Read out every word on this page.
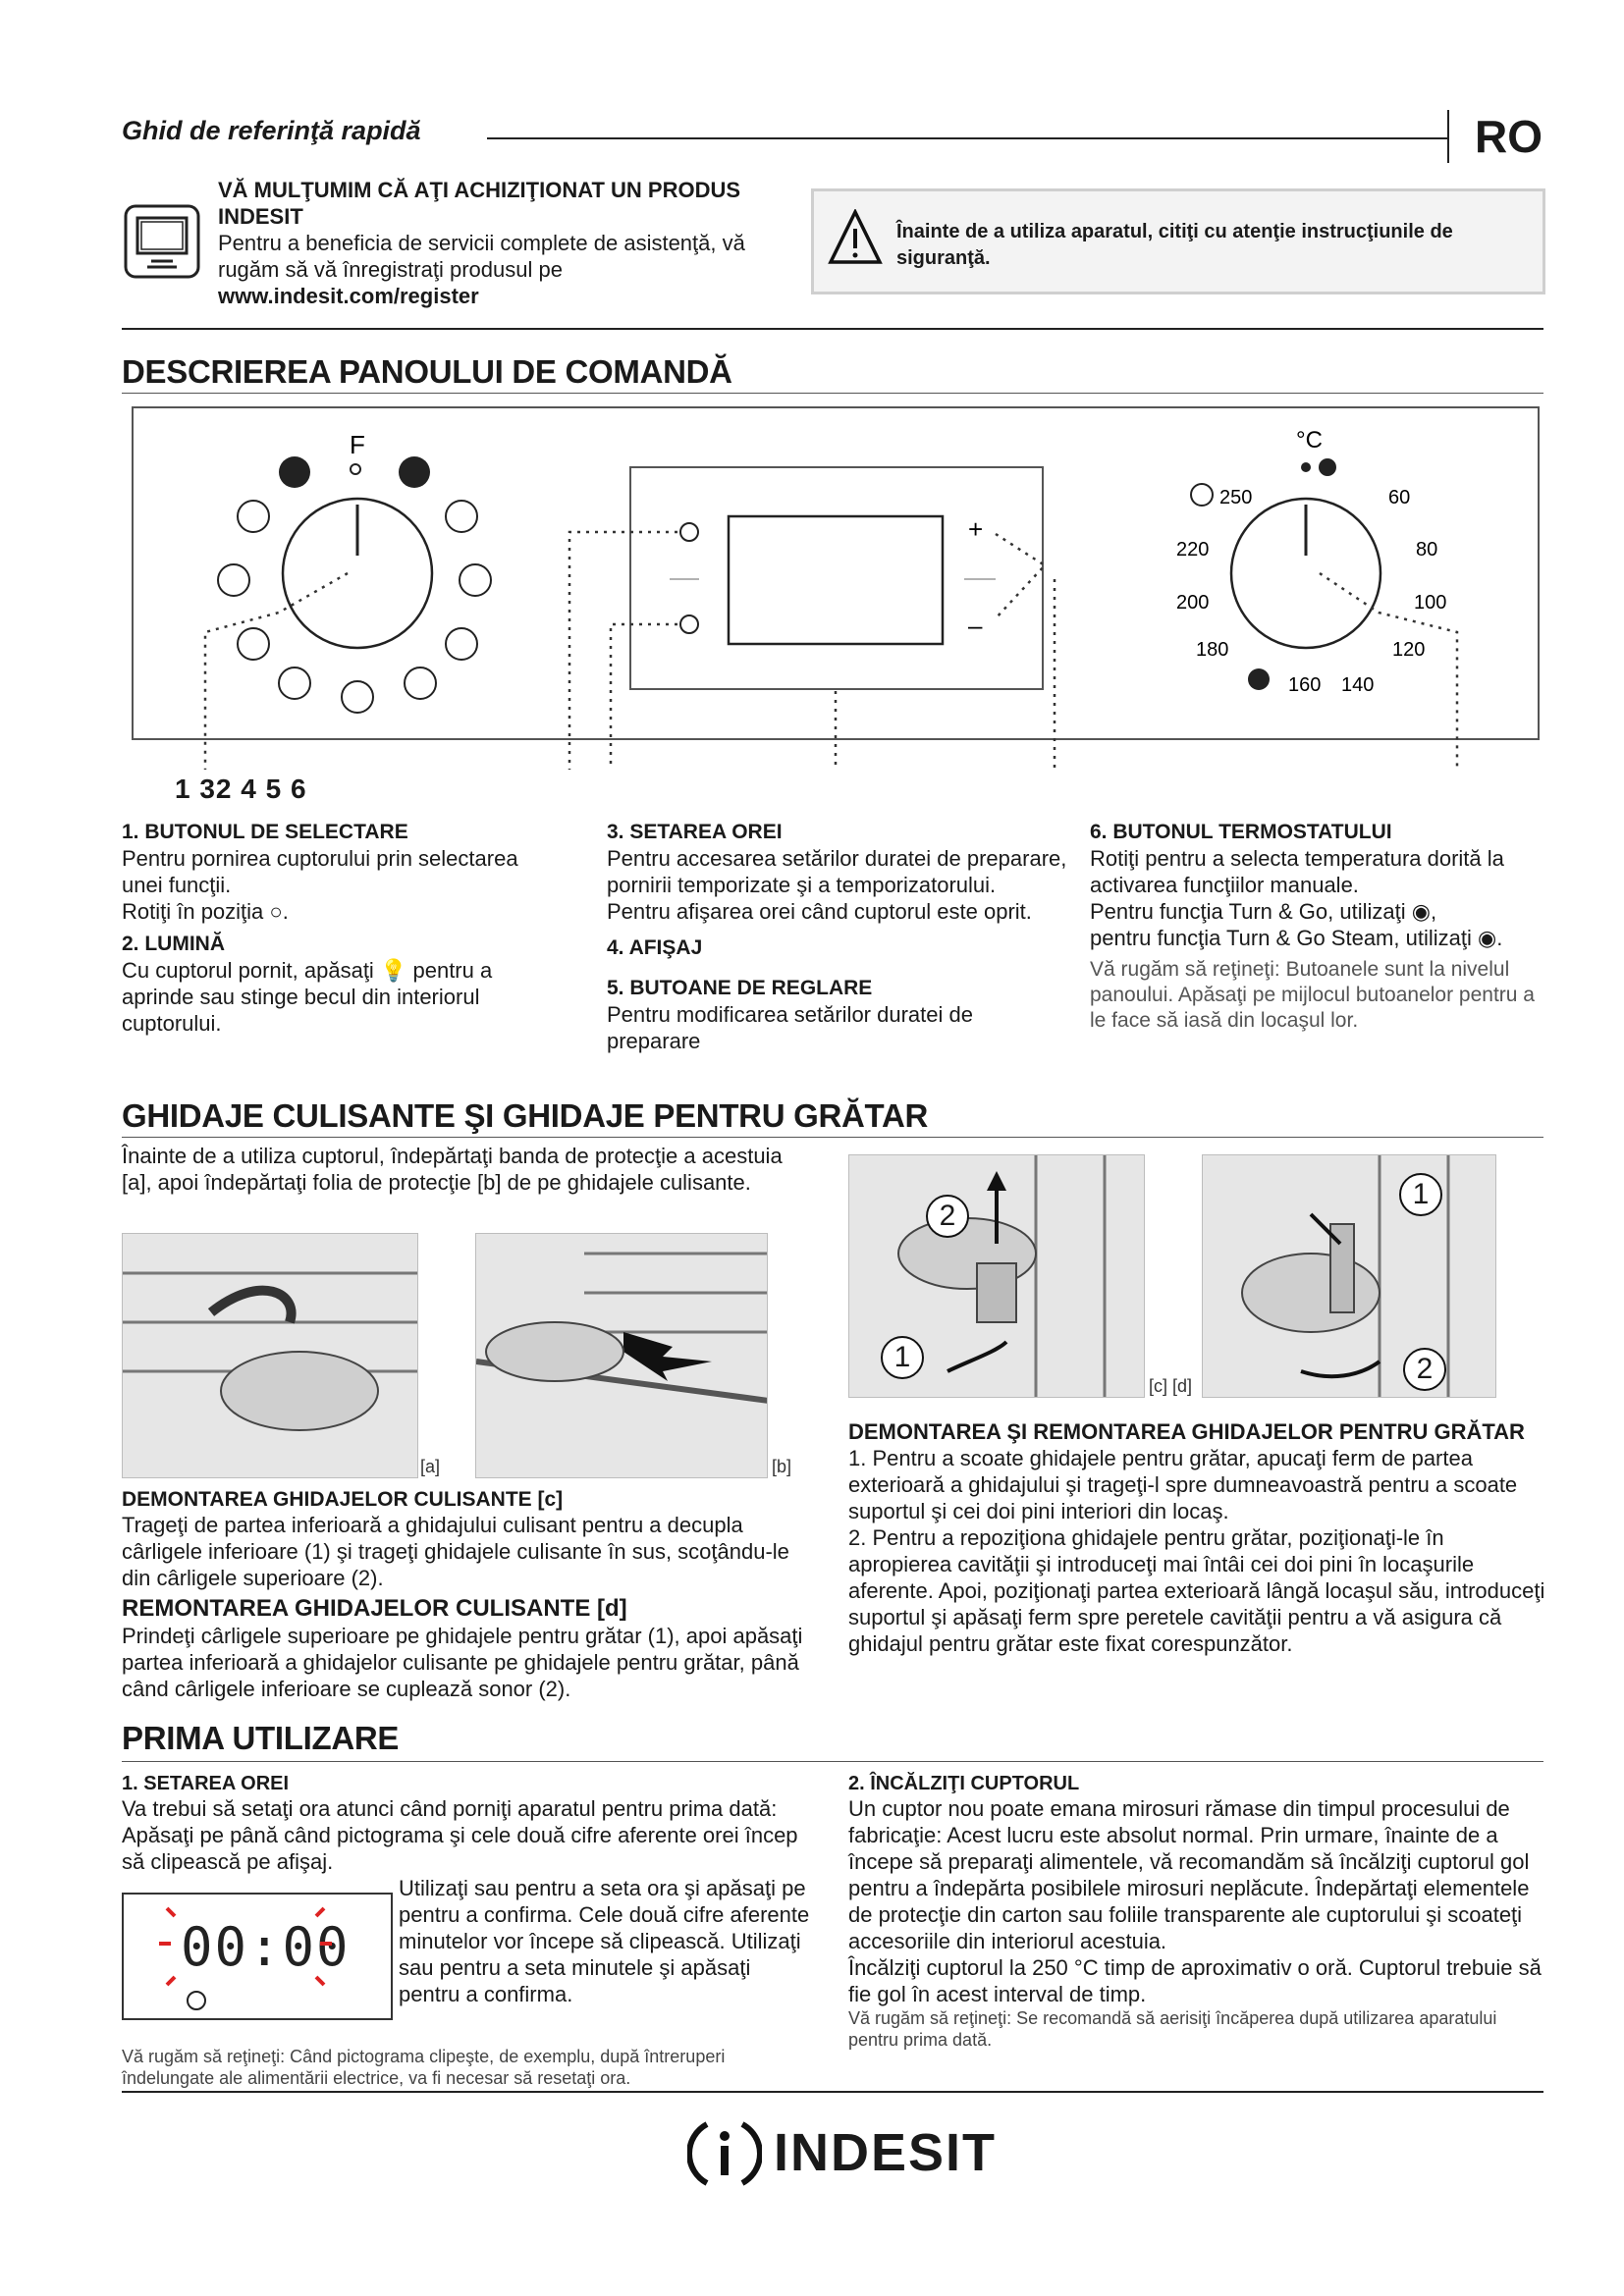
Ghid de referinţă rapidă	RO
VĂ MULŢUMIM CĂ AŢI ACHIZIŢIONAT UN PRODUS INDESIT
Pentru a beneficia de servicii complete de asistenţă, vă rugăm să vă înregistraţi produsul pe
www.indesit.com/register
Înainte de a utiliza aparatul, citiţi cu atenţie instrucţiunile de siguranţă.
DESCRIEREA PANOULUI DE COMANDĂ
F
+
–
°C
250
220
200
180
160 140
120
100
80
60
1 32 4 5 6
1. BUTONUL DE SELECTARE
Pentru pornirea cuptorului prin selectarea unei funcţii.
Rotiţi în poziţia ○.
2. LUMINĂ
Cu cuptorul pornit, apăsaţi 💡 pentru a aprinde sau stinge becul din interiorul cuptorului.
3. SETAREA OREI
Pentru accesarea setărilor duratei de preparare, pornirii temporizate şi a temporizatorului.
Pentru afişarea orei când cuptorul este oprit.
4. AFIŞAJ
5. BUTOANE DE REGLARE
Pentru modificarea setărilor duratei de preparare
6. BUTONUL TERMOSTATULUI
Rotiţi pentru a selecta temperatura dorită la activarea funcţiilor manuale.
Pentru funcţia Turn & Go, utilizaţi ◉,
pentru funcţia Turn & Go Steam, utilizaţi ◉.
Vă rugăm să reţineţi: Butoanele sunt la nivelul panoului. Apăsaţi pe mijlocul butoanelor pentru a le face să iasă din locaşul lor.
GHIDAJE CULISANTE ŞI GHIDAJE PENTRU GRĂTAR
Înainte de a utiliza cuptorul, îndepărtaţi banda de protecţie a acestuia [a], apoi îndepărtaţi folia de protecţie [b] de pe ghidajele culisante.
[a]	[b]
2
1
1
2
[c] [d]
DEMONTAREA GHIDAJELOR CULISANTE [c]
Trageţi de partea inferioară a ghidajului culisant pentru a decupla cârligele inferioare (1) şi trageţi ghidajele culisante în sus, scoţându-le din cârligele superioare (2).
REMONTAREA GHIDAJELOR CULISANTE [d]
Prindeţi cârligele superioare pe ghidajele pentru grătar (1), apoi apăsaţi partea inferioară a ghidajelor culisante pe ghidajele pentru grătar, până când cârligele inferioare se cuplează sonor (2).
DEMONTAREA ŞI REMONTAREA GHIDAJELOR PENTRU GRĂTAR
1. Pentru a scoate ghidajele pentru grătar, apucaţi ferm de partea exterioară a ghidajului şi trageţi-l spre dumneavoastră pentru a scoate suportul şi cei doi pini interiori din locaş.
2. Pentru a repoziţiona ghidajele pentru grătar, poziţionaţi-le în apropierea cavităţii şi introduceţi mai întâi cei doi pini în locaşurile aferente. Apoi, poziţionaţi partea exterioară lângă locaşul său, introduceţi suportul şi apăsaţi ferm spre peretele cavităţii pentru a vă asigura că ghidajul pentru grătar este fixat corespunzător.
PRIMA UTILIZARE
1. SETAREA OREI
Va trebui să setaţi ora atunci când porniţi aparatul pentru prima dată: Apăsaţi pe până când pictograma şi cele două cifre aferente orei încep să clipească pe afişaj.
00:00
Utilizaţi sau pentru a seta ora şi apăsaţi pe pentru a confirma. Cele două cifre aferente minutelor vor începe să clipească. Utilizaţi sau pentru a seta minutele şi apăsaţi pentru a confirma.
Vă rugăm să reţineţi: Când pictograma clipeşte, de exemplu, după întreruperi îndelungate ale alimentării electrice, va fi necesar să resetaţi ora.
2. ÎNCĂLZIŢI CUPTORUL
Un cuptor nou poate emana mirosuri rămase din timpul procesului de fabricaţie: Acest lucru este absolut normal. Prin urmare, înainte de a începe să preparaţi alimentele, vă recomandăm să încălziţi cuptorul gol pentru a îndepărta posibilele mirosuri neplăcute. Îndepărtaţi elementele de protecţie din carton sau foliile transparente ale cuptorului şi scoateţi accesoriile din interiorul acestuia.
Încălziţi cuptorul la 250 °C timp de aproximativ o oră. Cuptorul trebuie să fie gol în acest interval de timp.
Vă rugăm să reţineţi: Se recomandă să aerisiţi încăperea după utilizarea aparatului pentru prima dată.
INDESIT
